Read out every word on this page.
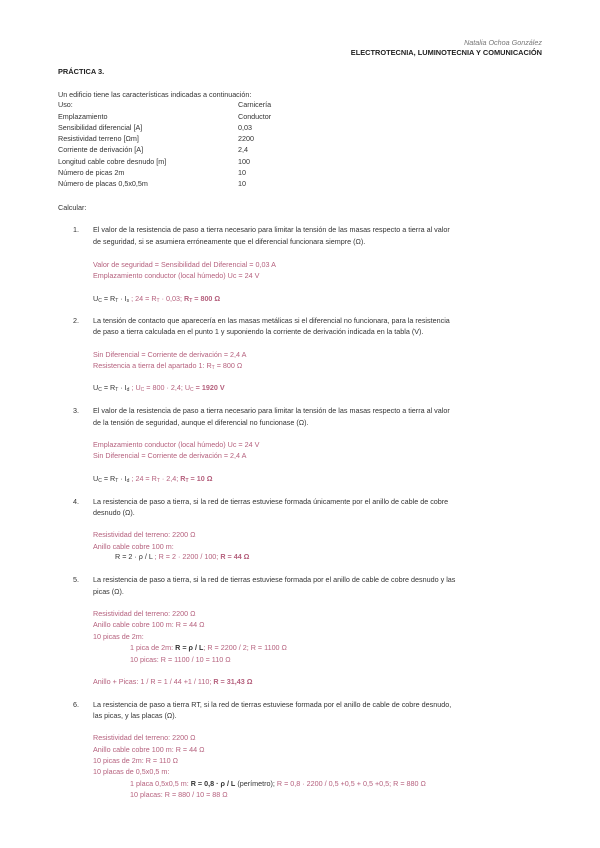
Natalia Ochoa González
ELECTROTECNIA, LUMINOTECNIA Y COMUNICACIÓN
PRÁCTICA 3.
Un edificio tiene las características indicadas a continuación:
Uso:	Carnicería
Emplazamiento	Conductor
Sensibilidad diferencial [A]	0,03
Resistividad terreno [Ωm]	2200
Corriente de derivación [A]	2,4
Longitud cable cobre desnudo [m]	100
Número de picas 2m	10
Número de placas 0,5x0,5m	10
Calcular:
1. El valor de la resistencia de paso a tierra necesario para limitar la tensión de las masas respecto a tierra al valor
de seguridad, si se asumiera erróneamente que el diferencial funcionara siempre (Ω).
Valor de seguridad = Sensibilidad del Diferencial = 0,03 A
Emplazamiento conductor (local húmedo) Uc = 24 V
$U_C = R_T \cdot I_s$ ; $24 = R_T \cdot 0,03$; $R_T = 800$ Ω
2. La tensión de contacto que aparecería en las masas metálicas si el diferencial no funcionara, para la resistencia
de paso a tierra calculada en el punto 1 y suponiendo la corriente de derivación indicada en la tabla (V).
Sin Diferencial = Corriente de derivación = 2,4 A
Resistencia a tierra del apartado 1: $R_T = 800$ Ω
$U_C = R_T \cdot I_d$ ; $U_C = 800 \cdot 2,4$; $U_C = 1920$ V
3. El valor de la resistencia de paso a tierra necesario para limitar la tensión de las masas respecto a tierra al valor
de la tensión de seguridad, aunque el diferencial no funcionase (Ω).
Emplazamiento conductor (local húmedo) Uc = 24 V
Sin Diferencial = Corriente de derivación = 2,4 A
$U_C = R_T \cdot I_d$ ; $24 = R_T \cdot 2,4$; $R_T = 10$ Ω
4. La resistencia de paso a tierra, si la red de tierras estuviese formada únicamente por el anillo de cable de cobre
desnudo (Ω).
Resistividad del terreno: 2200 Ω
Anillo cable cobre 100 m:
R = 2 · ρ / L ; R = 2 · 2200 / 100; R = 44 Ω
5. La resistencia de paso a tierra, si la red de tierras estuviese formada por el anillo de cable de cobre desnudo y las
picas (Ω).
Resistividad del terreno: 2200 Ω
Anillo cable cobre 100 m: R = 44 Ω
10 picas de 2m:
1 pica de 2m: R = ρ / L; R = 2200 / 2; R = 1100 Ω
10 picas: R = 1100 / 10 = 110 Ω
Anillo + Picas: 1 / R = 1 / 44 +1 / 110; R = 31,43 Ω
6. La resistencia de paso a tierra RT, si la red de tierras estuviese formada por el anillo de cable de cobre desnudo,
las picas, y las placas (Ω).
Resistividad del terreno: 2200 Ω
Anillo cable cobre 100 m: R = 44 Ω
10 picas de 2m: R = 110 Ω
10 placas de 0,5x0,5 m:
1 placa 0,5x0,5 m: R = 0,8 · ρ / L (perímetro); R = 0,8 · 2200 / 0,5 +0,5 + 0,5 +0,5; R = 880 Ω
10 placas: R = 880 / 10 = 88 Ω
